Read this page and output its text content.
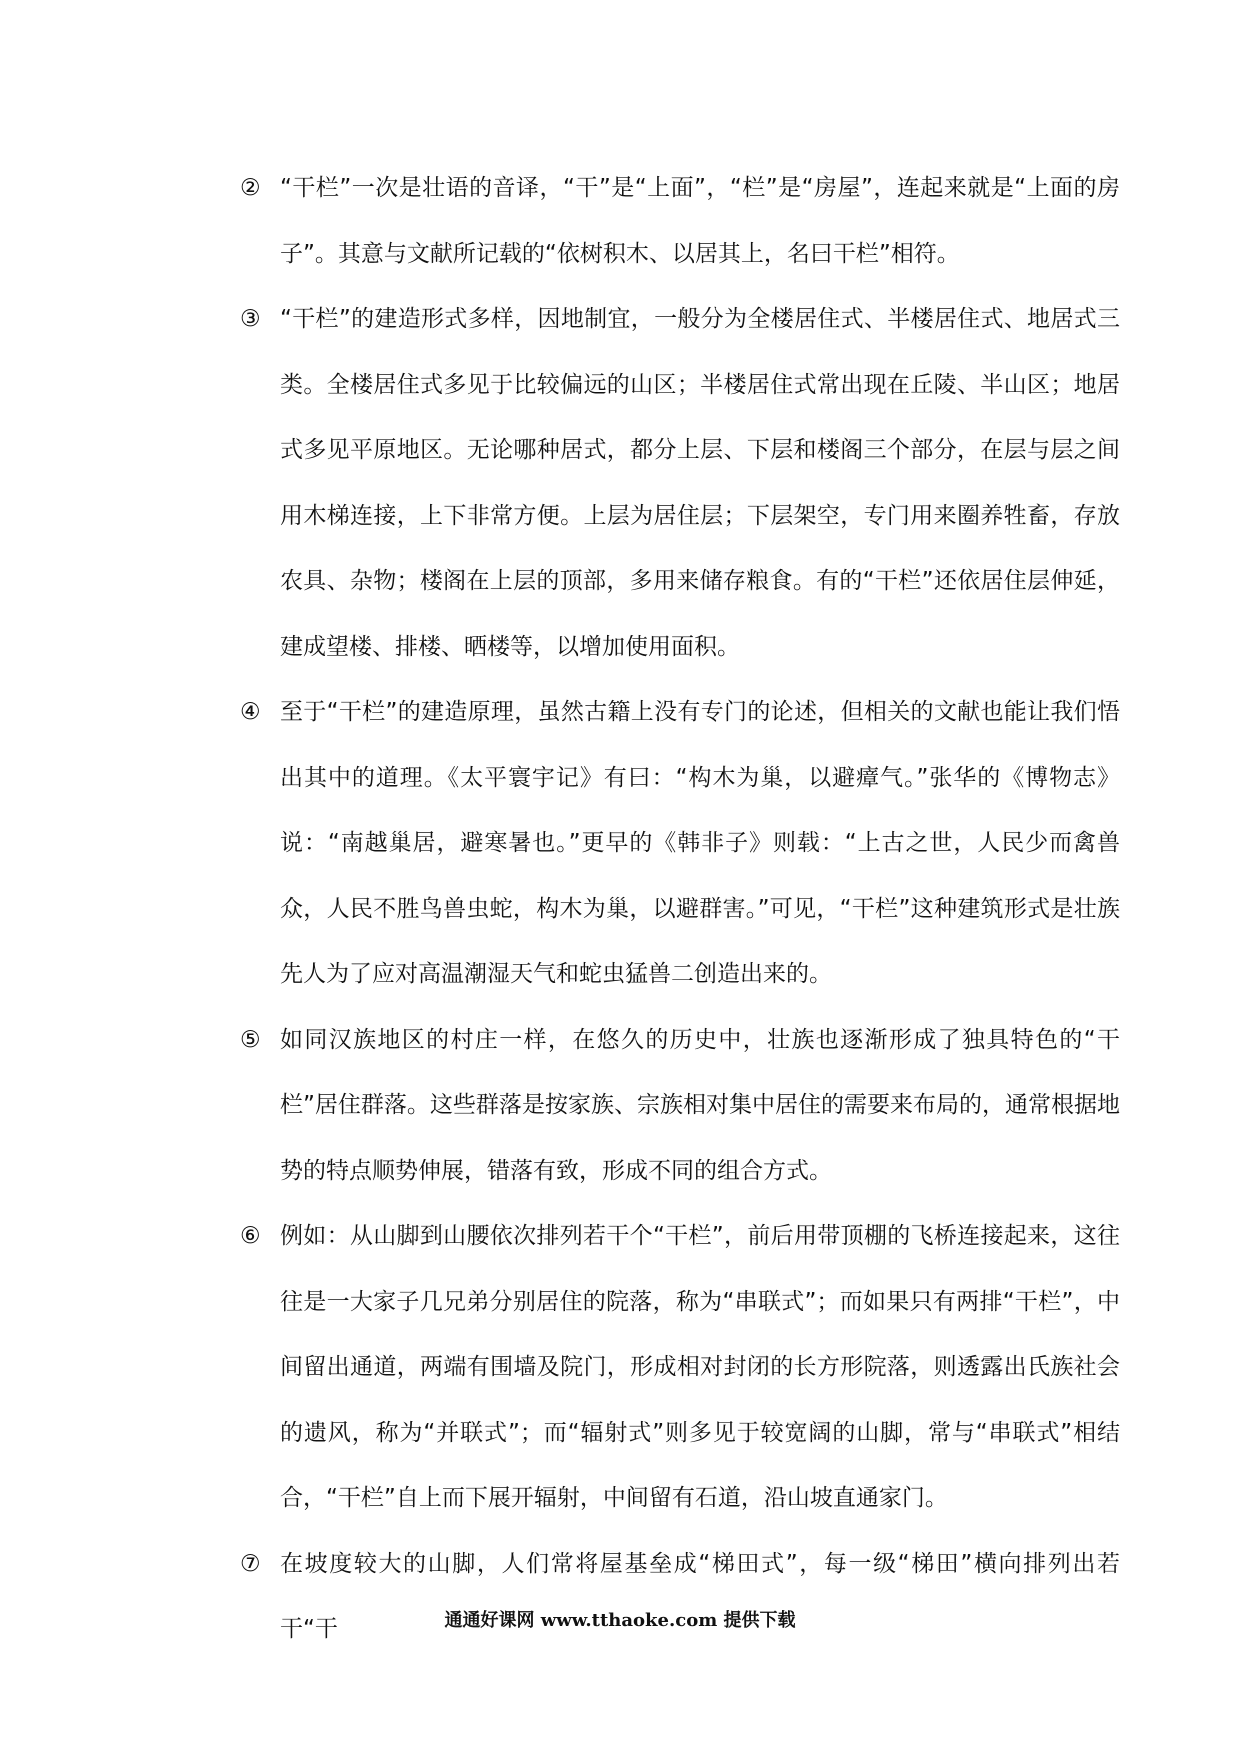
② “干栏”一次是壮语的音译，“干”是“上面”，“栏”是“房屋”，连起来就是“上面的房子”。其意与文献所记载的“依树积木、以居其上，名曰干栏”相符。
③ “干栏”的建造形式多样，因地制宜，一般分为全楼居住式、半楼居住式、地居式三类。全楼居住式多见于比较偏远的山区；半楼居住式常出现在丘陵、半山区；地居式多见平原地区。无论哪种居式，都分上层、下层和楼阁三个部分，在层与层之间用木梯连接，上下非常方便。上层为居住层；下层架空，专门用来圈养牲畜，存放农具、杂物；楼阁在上层的顶部，多用来储存粮食。有的“干栏”还依居住层伸延，建成望楼、排楼、晒楼等，以增加使用面积。
④ 至于“干栏”的建造原理，虽然古籍上没有专门的论述，但相关的文献也能让我们悟出其中的道理。《太平寰宇记》有曰：“构木为巢，以避瘴气。”张华的《博物志》说：“南越巢居，避寒暑也。”更早的《韩非子》则载：“上古之世，人民少而禽兽众，人民不胜鸟兽虫蛇，构木为巢，以避群害。”可见，“干栏”这种建筑形式是壮族先人为了应对高温潮湿天气和蛇虫猛兽二创造出来的。
⑤ 如同汉族地区的村庄一样，在悠久的历史中，壮族也逐渐形成了独具特色的“干栏”居住群落。这些群落是按家族、宗族相对集中居住的需要来布局的，通常根据地势的特点顺势伸展，错落有致，形成不同的组合方式。
⑥ 例如：从山脚到山腰依次排列若干个“干栏”，前后用带顶棚的飞桥连接起来，这往往是一大家子几兄弟分别居住的院落，称为“串联式”；而如果只有两排“干栏”，中间留出通道，两端有围墙及院门，形成相对封闭的长方形院落，则透露出氏族社会的遗风，称为“并联式”；而“辐射式”则多见于较宽阔的山脚，常与“串联式”相结合，“干栏”自上而下展开辐射，中间留有石道，沿山坡直通家门。
⑦ 在坡度较大的山脚，人们常将屋基垒成“梯田式”，每一级“梯田”横向排列出若干“干	通通好课网 www.tthaoke.com 提供下载
